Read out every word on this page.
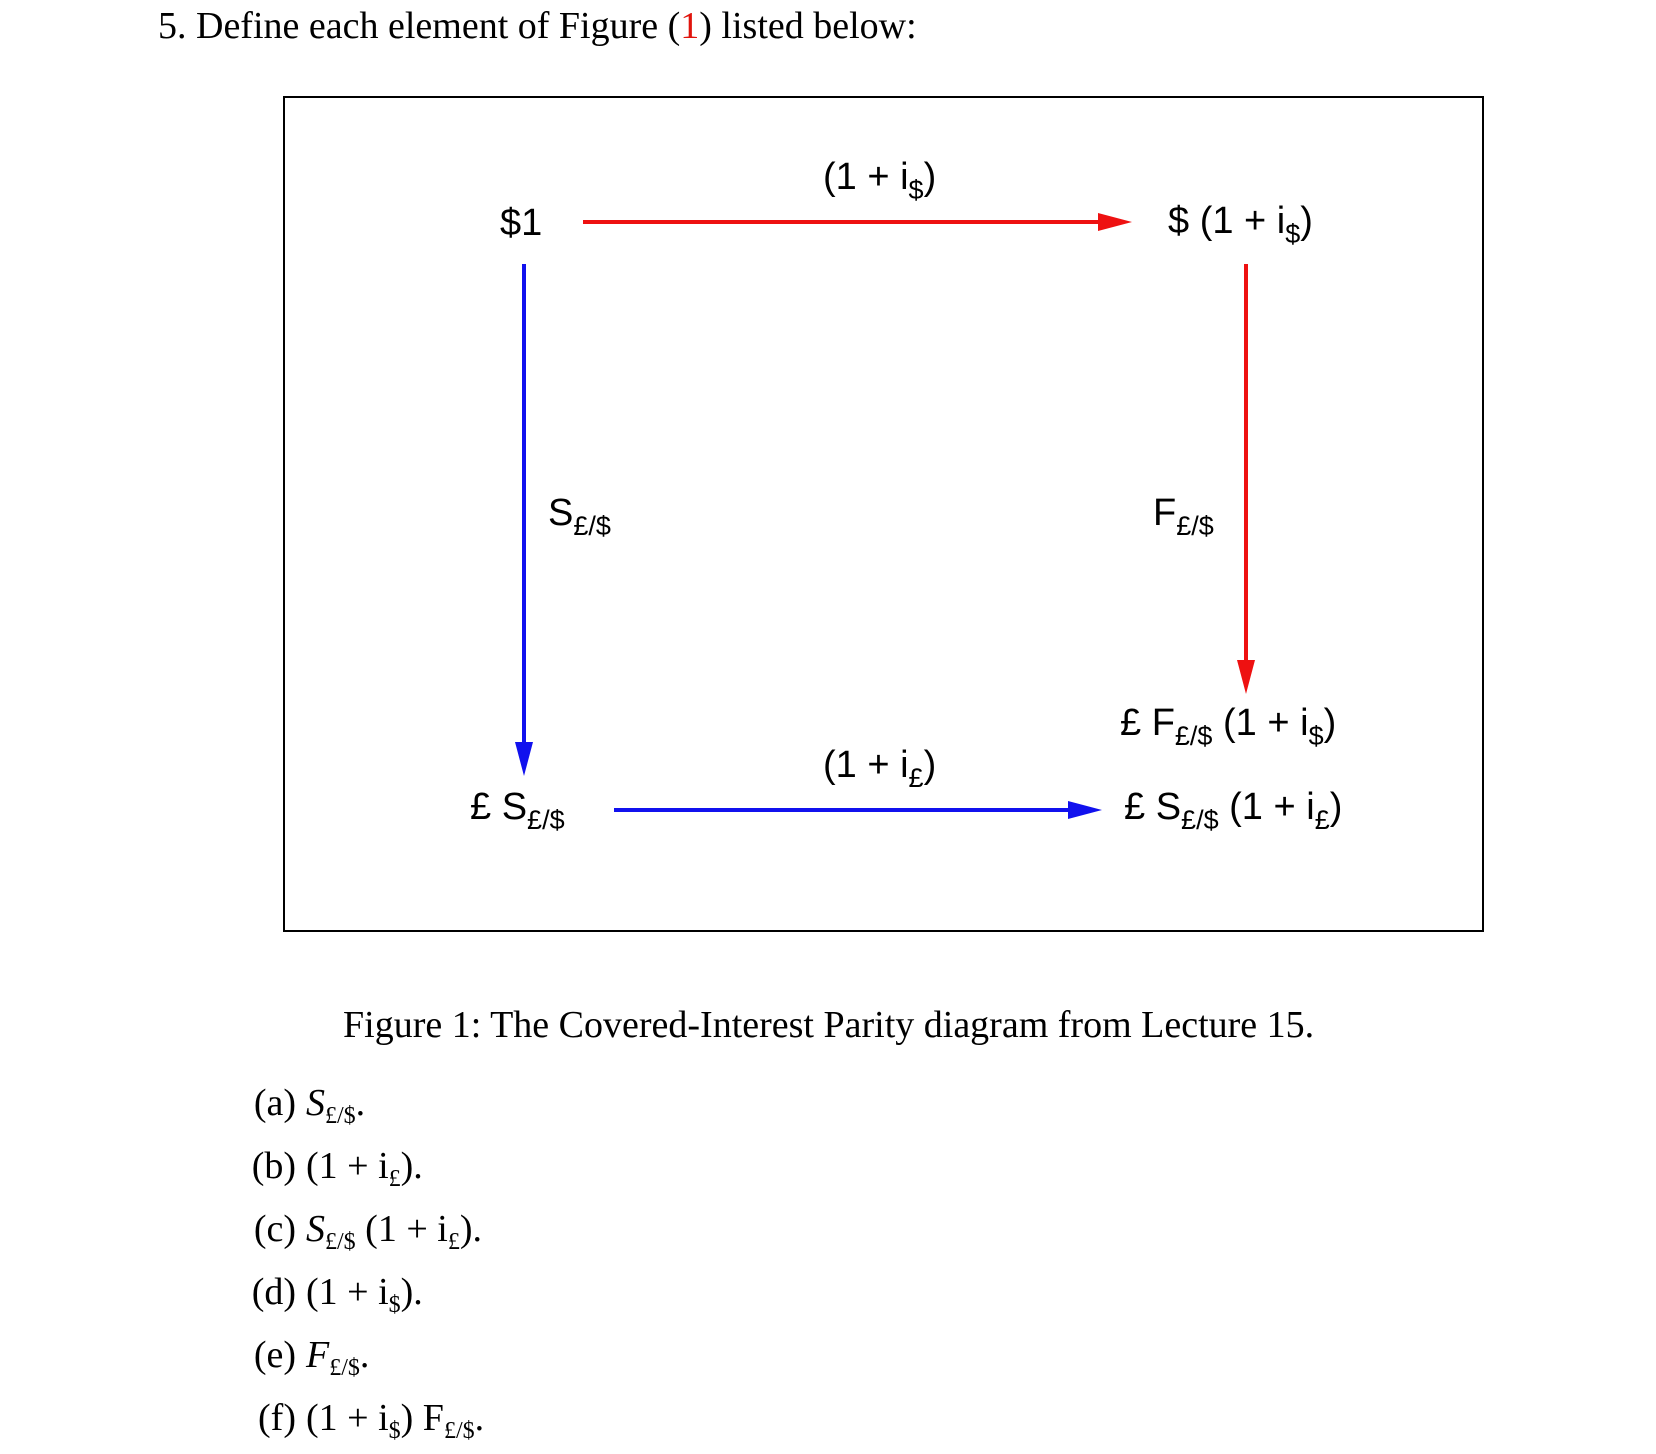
5. Define each element of Figure (1) listed below:
$1
$(1 + i_{\$})$
$ $(1 + i_{\$})$
$S_{£/\$}$	$F_{£/\$}$
£ $S_{£/\$}$
$(1 + i_£)$
£ $F_{£/\$}$ $(1 + i_{\$})$
£ $S_{£/\$}$ $(1 + i_£)$
Figure 1: The Covered-Interest Parity diagram from Lecture 15.
(a) $S_{£/\$}$.
(b) $(1 + i_£)$.
(c) $S_{£/\$}$ $(1 + i_£)$.
(d) $(1 + i_{\$})$.
(e) $F_{£/\$}$.
(f) $(1 + i_{\$})$ $F_{£/\$}$.
